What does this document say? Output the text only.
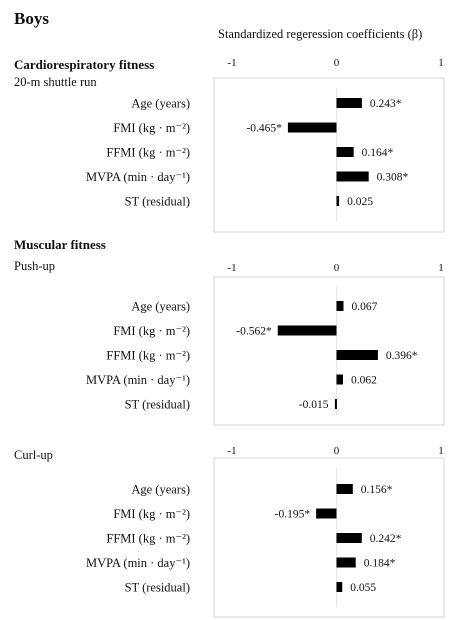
Boys
Standardized regeression coefficients (β)
Cardiorespiratory fitness
Muscular fitness
20-m shuttle run
-1	0	1
Age (years)	0.243*
FMI (kg · m⁻²)	-0.465*
FFMI (kg · m⁻²)	0.164*
MVPA (min · day⁻¹)	0.308*
ST (residual)	0.025
Push-up	-1	0	1
Age (years)	0.067
FMI (kg · m⁻²)	-0.562*
FFMI (kg · m⁻²)	0.396*
MVPA (min · day⁻¹)	0.062
ST (residual)	-0.015
Curl-up	-1	0	1
Age (years)	0.156*
FMI (kg · m⁻²)	-0.195*
FFMI (kg · m⁻²)	0.242*
MVPA (min · day⁻¹)	0.184*
ST (residual)	0.055
